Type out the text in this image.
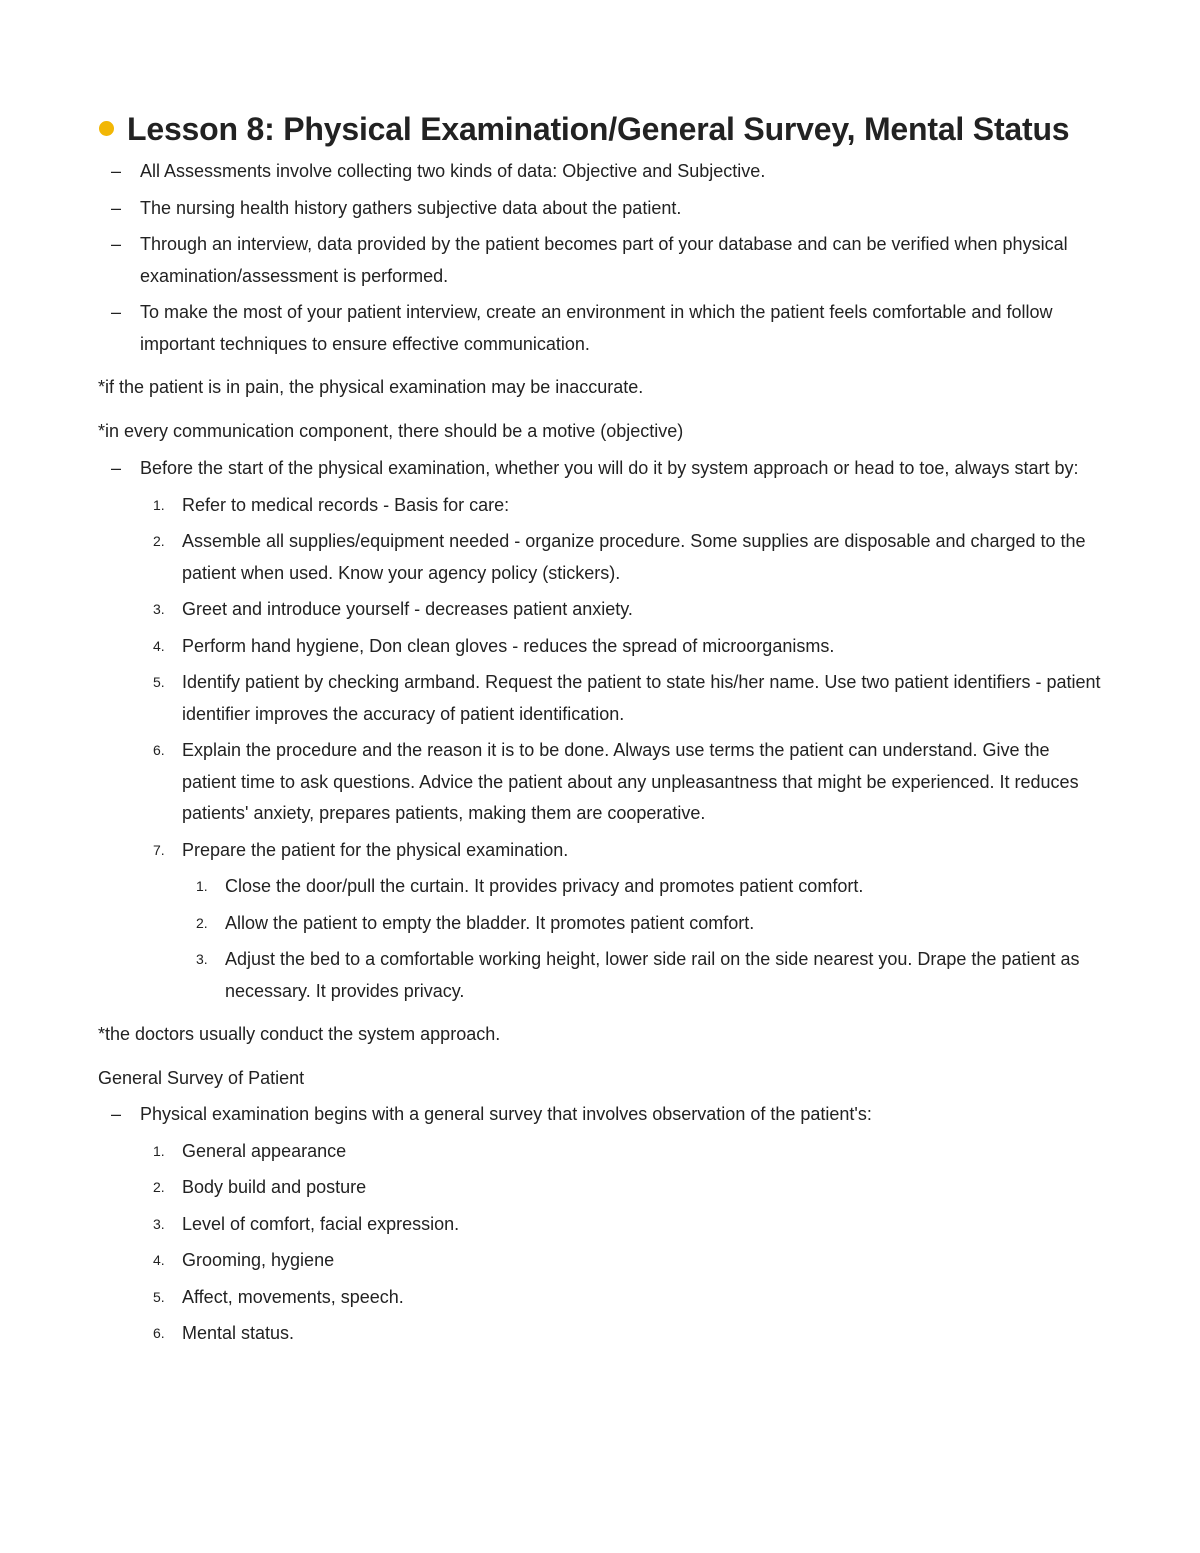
Lesson 8: Physical Examination/General Survey, Mental Status
– All Assessments involve collecting two kinds of data: Objective and Subjective.
– The nursing health history gathers subjective data about the patient.
– Through an interview, data provided by the patient becomes part of your database and can be verified when physical examination/assessment is performed.
– To make the most of your patient interview, create an environment in which the patient feels comfortable and follow important techniques to ensure effective communication.

*if the patient is in pain, the physical examination may be inaccurate.

*in every communication component, there should be a motive (objective)

– Before the start of the physical examination, whether you will do it by system approach or head to toe, always start by:
1. Refer to medical records - Basis for care:
2. Assemble all supplies/equipment needed - organize procedure. Some supplies are disposable and charged to the patient when used. Know your agency policy (stickers).
3. Greet and introduce yourself - decreases patient anxiety.
4. Perform hand hygiene, Don clean gloves - reduces the spread of microorganisms.
5. Identify patient by checking armband. Request the patient to state his/her name. Use two patient identifiers - patient identifier improves the accuracy of patient identification.
6. Explain the procedure and the reason it is to be done. Always use terms the patient can understand. Give the patient time to ask questions. Advice the patient about any unpleasantness that might be experienced. It reduces patients' anxiety, prepares patients, making them are cooperative.
7. Prepare the patient for the physical examination.
1. Close the door/pull the curtain. It provides privacy and promotes patient comfort.
2. Allow the patient to empty the bladder. It promotes patient comfort.
3. Adjust the bed to a comfortable working height, lower side rail on the side nearest you. Drape the patient as necessary. It provides privacy.

*the doctors usually conduct the system approach.

General Survey of Patient

– Physical examination begins with a general survey that involves observation of the patient's:
1. General appearance
2. Body build and posture
3. Level of comfort, facial expression.
4. Grooming, hygiene
5. Affect, movements, speech.
6. Mental status.
